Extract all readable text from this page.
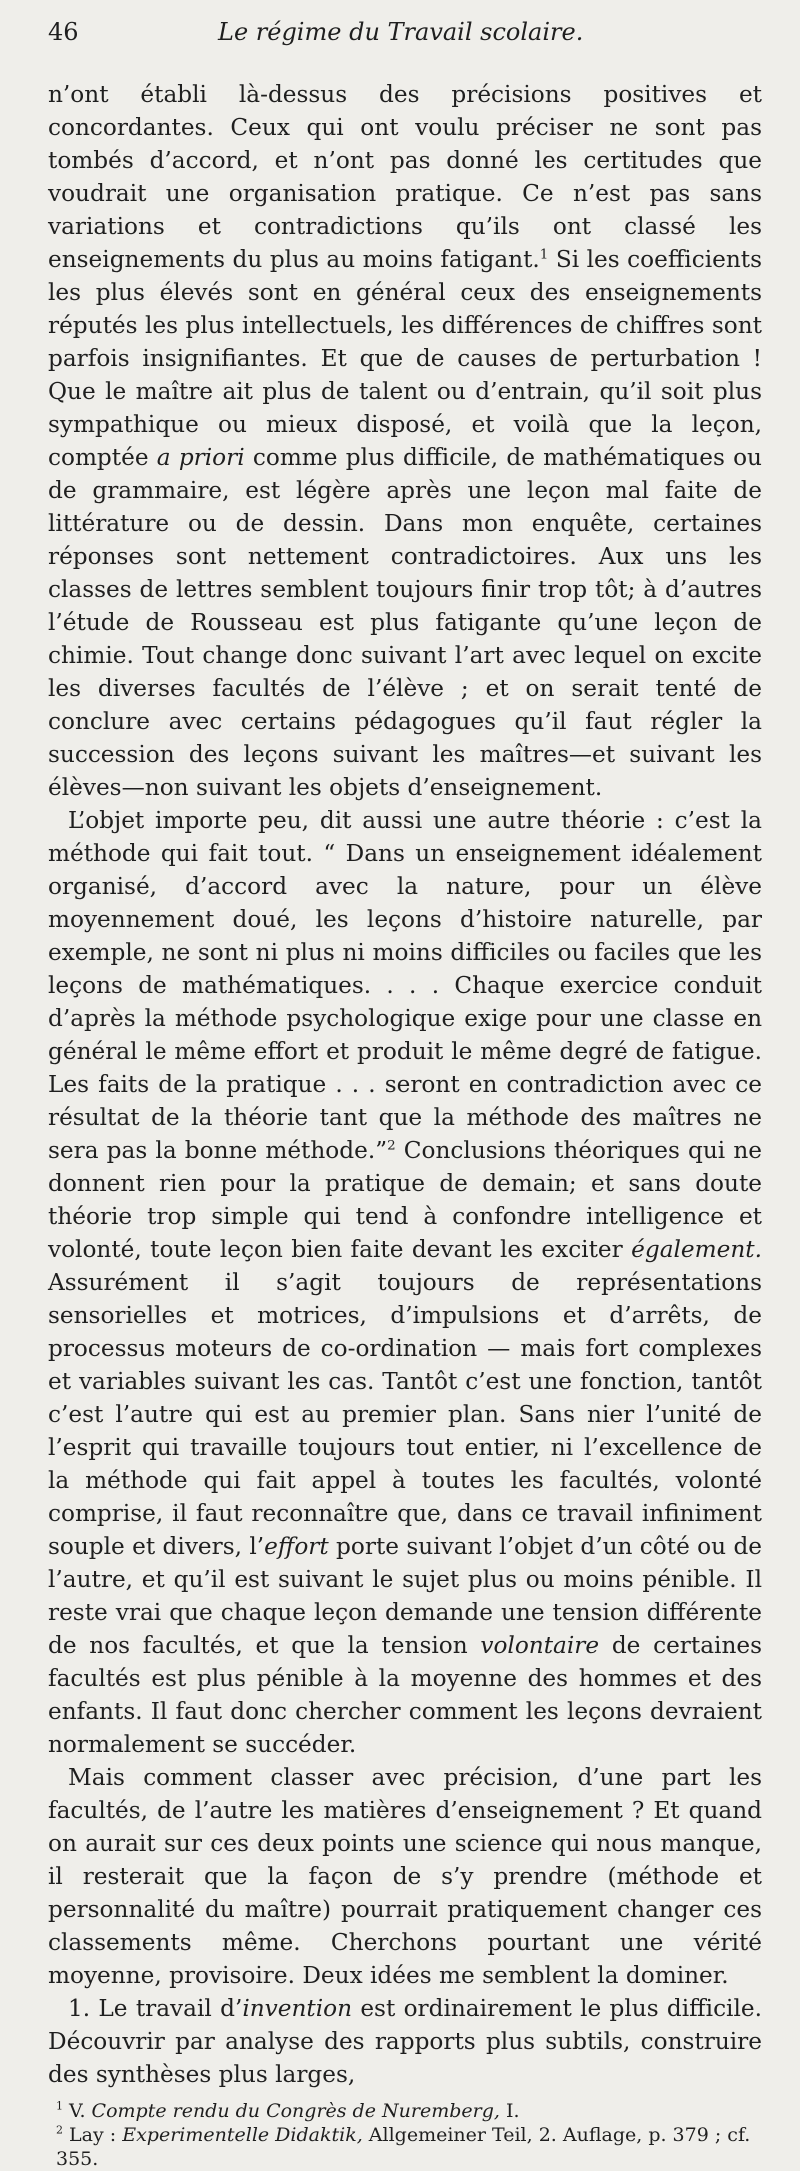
46	Le régime du Travail scolaire.

n’ont établi là-dessus des précisions positives et concordantes. Ceux qui ont voulu préciser ne sont pas tombés d’accord, et n’ont pas donné les certitudes que voudrait une organisation pratique. Ce n’est pas sans variations et contradictions qu’ils ont classé les enseignements du plus au moins fatigant.$^1$ Si les coefficients les plus élevés sont en général ceux des enseignements réputés les plus intellectuels, les différences de chiffres sont parfois insignifiantes. Et que de causes de perturbation ! Que le maître ait plus de talent ou d’entrain, qu’il soit plus sympathique ou mieux disposé, et voilà que la leçon, comptée a priori comme plus difficile, de mathématiques ou de grammaire, est légère après une leçon mal faite de littérature ou de dessin. Dans mon enquête, certaines réponses sont nettement contradictoires. Aux uns les classes de lettres semblent toujours finir trop tôt; à d’autres l’étude de Rousseau est plus fatigante qu’une leçon de chimie. Tout change donc suivant l’art avec lequel on excite les diverses facultés de l’élève ; et on serait tenté de conclure avec certains pédagogues qu’il faut régler la succession des leçons suivant les maîtres—et suivant les élèves—non suivant les objets d’enseignement.

L’objet importe peu, dit aussi une autre théorie : c’est la méthode qui fait tout. “ Dans un enseignement idéalement organisé, d’accord avec la nature, pour un élève moyennement doué, les leçons d’histoire naturelle, par exemple, ne sont ni plus ni moins difficiles ou faciles que les leçons de mathématiques. . . . Chaque exercice conduit d’après la méthode psychologique exige pour une classe en général le même effort et produit le même degré de fatigue. Les faits de la pratique . . . seront en contradiction avec ce résultat de la théorie tant que la méthode des maîtres ne sera pas la bonne méthode.”$^2$ Conclusions théoriques qui ne donnent rien pour la pratique de demain; et sans doute théorie trop simple qui tend à confondre intelligence et volonté, toute leçon bien faite devant les exciter également. Assurément il s’agit toujours de représentations sensorielles et motrices, d’impulsions et d’arrêts, de processus moteurs de co-ordination — mais fort complexes et variables suivant les cas. Tantôt c’est une fonction, tantôt c’est l’autre qui est au premier plan. Sans nier l’unité de l’esprit qui travaille toujours tout entier, ni l’excellence de la méthode qui fait appel à toutes les facultés, volonté comprise, il faut reconnaître que, dans ce travail infiniment souple et divers, l’effort porte suivant l’objet d’un côté ou de l’autre, et qu’il est suivant le sujet plus ou moins pénible. Il reste vrai que chaque leçon demande une tension différente de nos facultés, et que la tension volontaire de certaines facultés est plus pénible à la moyenne des hommes et des enfants. Il faut donc chercher comment les leçons devraient normalement se succéder.

Mais comment classer avec précision, d’une part les facultés, de l’autre les matières d’enseignement ? Et quand on aurait sur ces deux points une science qui nous manque, il resterait que la façon de s’y prendre (méthode et personnalité du maître) pourrait pratiquement changer ces classements même. Cherchons pourtant une vérité moyenne, provisoire. Deux idées me semblent la dominer.

1. Le travail d’invention est ordinairement le plus difficile. Découvrir par analyse des rapports plus subtils, construire des synthèses plus larges,

$^1$ V. Compte rendu du Congrès de Nuremberg, I.

$^2$ Lay : Experimentelle Didaktik, Allgemeiner Teil, 2. Auflage, p. 379 ; cf. 355.
